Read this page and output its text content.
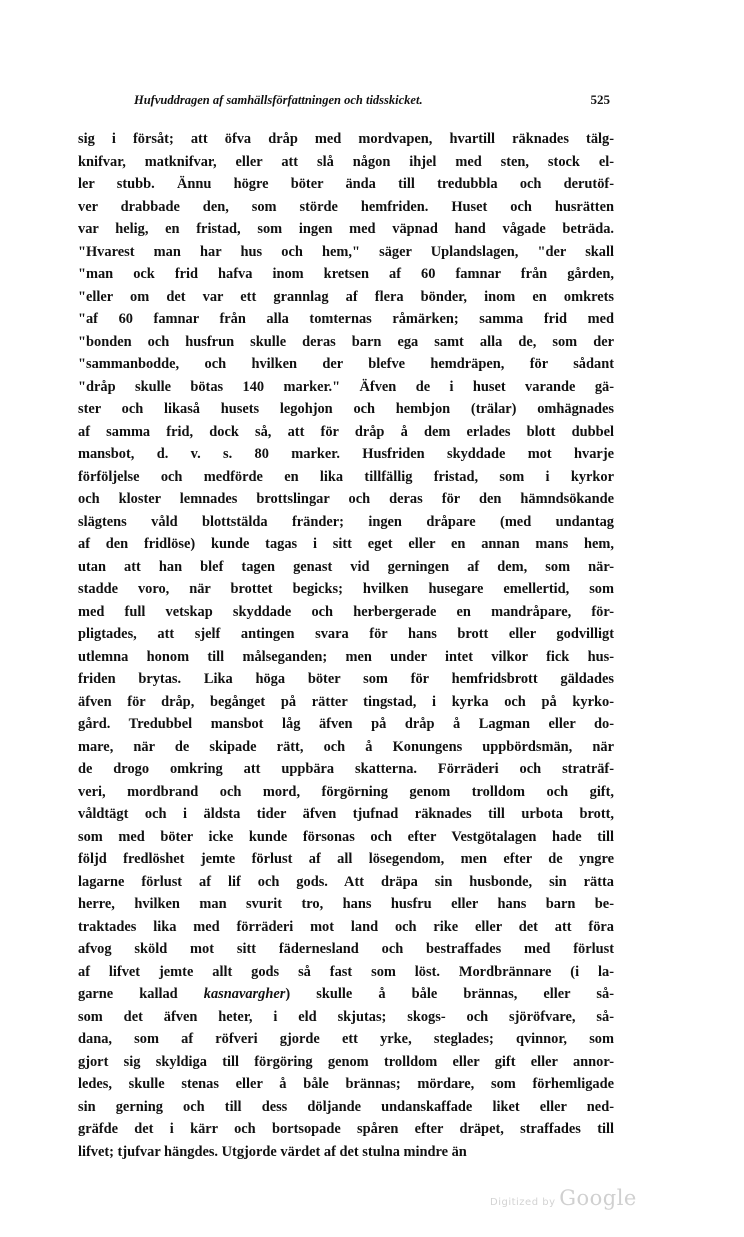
Hufvuddragen af samhällsförfattningen och tidsskicket.	525
sig i försåt; att öfva dråp med mordvapen, hvartill räknades tälg-
knifvar, matknifvar, eller att slå någon ihjel med sten, stock el-
ler stubb. Ännu högre böter ända till tredubbla och derutöf-
ver drabbade den, som störde hemfriden. Huset och husrätten
var helig, en fristad, som ingen med väpnad hand vågade beträda.
"Hvarest man har hus och hem," säger Uplandslagen, "der skall
"man ock frid hafva inom kretsen af 60 famnar från gården,
"eller om det var ett grannlag af flera bönder, inom en omkrets
"af 60 famnar från alla tomternas råmärken; samma frid med
"bonden och husfrun skulle deras barn ega samt alla de, som der
"sammanbodde, och hvilken der blefve hemdräpen, för sådant
"dråp skulle bötas 140 marker." Äfven de i huset varande gä-
ster och likaså husets legohjon och hembjon (trälar) omhägnades
af samma frid, dock så, att för dråp å dem erlades blott dubbel
mansbot, d. v. s. 80 marker. Husfriden skyddade mot hvarje
förföljelse och medförde en lika tillfällig fristad, som i kyrkor
och kloster lemnades brottslingar och deras för den hämndsökande
slägtens våld blottstälda fränder; ingen dråpare (med undantag
af den fridlöse) kunde tagas i sitt eget eller en annan mans hem,
utan att han blef tagen genast vid gerningen af dem, som när-
stadde voro, när brottet begicks; hvilken husegare emellertid, som
med full vetskap skyddade och herbergerade en mandråpare, för-
pligtades, att sjelf antingen svara för hans brott eller godvilligt
utlemna honom till målseganden; men under intet vilkor fick hus-
friden brytas. Lika höga böter som för hemfridsbrott gäldades
äfven för dråp, begånget på rätter tingstad, i kyrka och på kyrko-
gård. Tredubbel mansbot låg äfven på dråp å Lagman eller do-
mare, när de skipade rätt, och å Konungens uppbördsmän, när
de drogo omkring att uppbära skatterna. Förräderi och straträf-
veri, mordbrand och mord, förgörning genom trolldom och gift,
våldtägt och i äldsta tider äfven tjufnad räknades till urbota brott,
som med böter icke kunde försonas och efter Vestgötalagen hade till
följd fredlöshet jemte förlust af all lösegendom, men efter de yngre
lagarne förlust af lif och gods. Att dräpa sin husbonde, sin rätta
herre, hvilken man svurit tro, hans husfru eller hans barn be-
traktades lika med förräderi mot land och rike eller det att föra
afvog sköld mot sitt fädernesland och bestraffades med förlust
af lifvet jemte allt gods så fast som löst. Mordbrännare (i la-
garne kallad kasnavargher) skulle å båle brännas, eller så-
som det äfven heter, i eld skjutas; skogs- och sjöröfvare, så-
dana, som af röfveri gjorde ett yrke, steglades; qvinnor, som
gjort sig skyldiga till förgöring genom trolldom eller gift eller annor-
ledes, skulle stenas eller å båle brännas; mördare, som förhemligade
sin gerning och till dess döljande undanskaffade liket eller ned-
gräfde det i kärr och bortsopade spåren efter dräpet, straffades till
lifvet; tjufvar hängdes. Utgjorde värdet af det stulna mindre än
Digitized by Google
